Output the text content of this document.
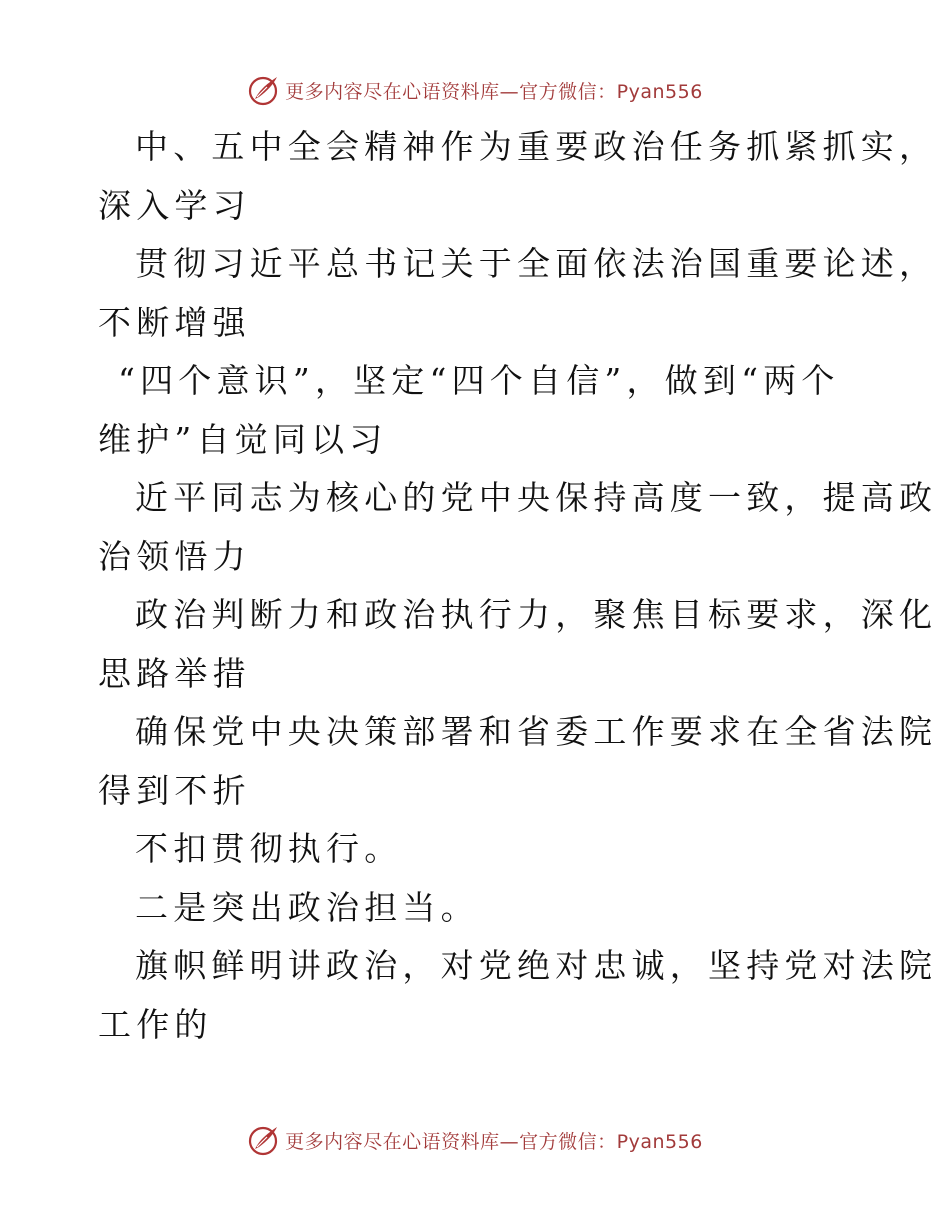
更多内容尽在心语资料库—官方微信：Pyan556
中、五中全会精神作为重要政治任务抓紧抓实，
深入学习
贯彻习近平总书记关于全面依法治国重要论述，
不断增强
“四个意识”，坚定“四个自信”，做到“两个
维护”自觉同以习
近平同志为核心的党中央保持高度一致，提高政
治领悟力
政治判断力和政治执行力，聚焦目标要求，深化
思路举措
确保党中央决策部署和省委工作要求在全省法院
得到不折
不扣贯彻执行。
二是突出政治担当。
旗帜鲜明讲政治，对党绝对忠诚，坚持党对法院
工作的
更多内容尽在心语资料库—官方微信：Pyan556
